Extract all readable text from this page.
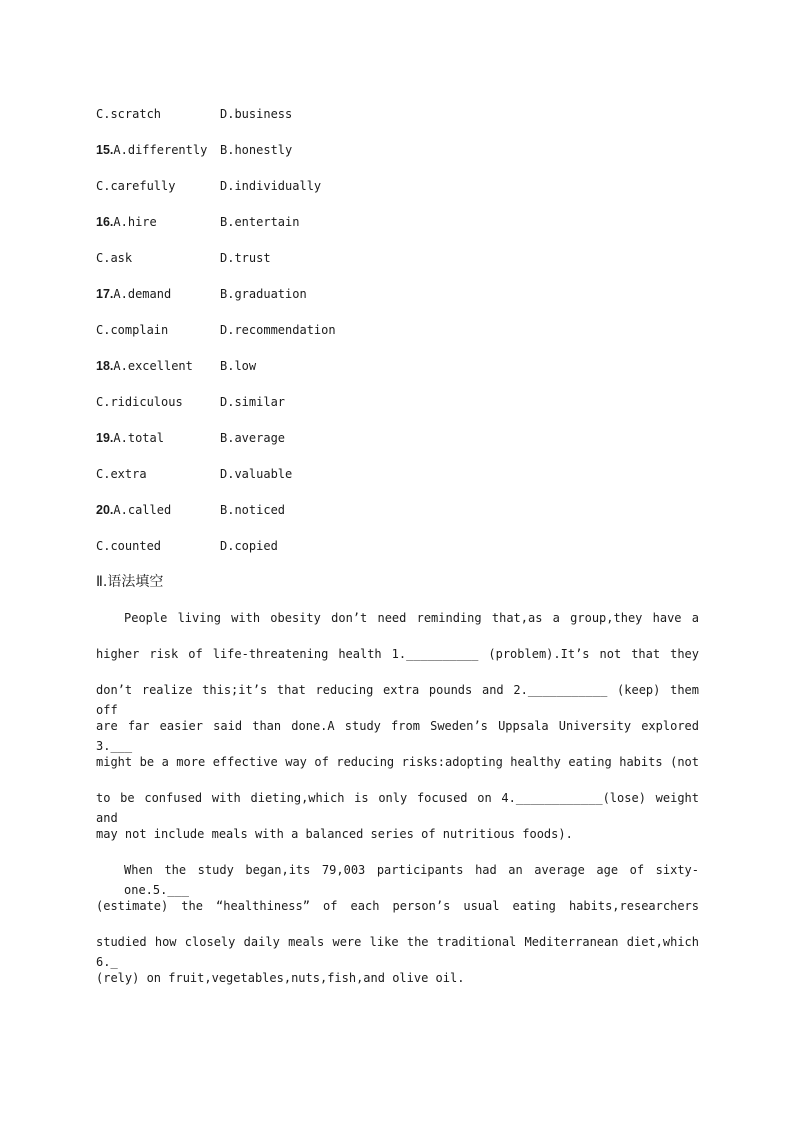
C.scratch	D.business
15.A.differently B.honestly
C.carefully	D.individually
16.A.hire	B.entertain
C.ask	D.trust
17.A.demand	B.graduation
C.complain	D.recommendation
18.A.excellent B.low
C.ridiculous	D.similar
19.A.total	B.average
C.extra	D.valuable
20.A.called	B.noticed
C.counted	D.copied
Ⅱ.语法填空
People living with obesity don’t need reminding that,as a group,they have a
higher risk of life-threatening health 1.__________ (problem).It’s not that they
don’t realize this;it’s that reducing extra pounds and 2.___________ (keep) them off
are far easier said than done.A study from Sweden’s Uppsala University explored 3.___
might be a more effective way of reducing risks:adopting healthy eating habits (not
to be confused with dieting,which is only focused on 4.____________(lose) weight and
may not include meals with a balanced series of nutritious foods).
When the study began,its 79,003 participants had an average age of sixty-one.5.___
(estimate) the “healthiness” of each person’s usual eating habits,researchers
studied how closely daily meals were like the traditional Mediterranean diet,which 6._
(rely) on fruit,vegetables,nuts,fish,and olive oil.
